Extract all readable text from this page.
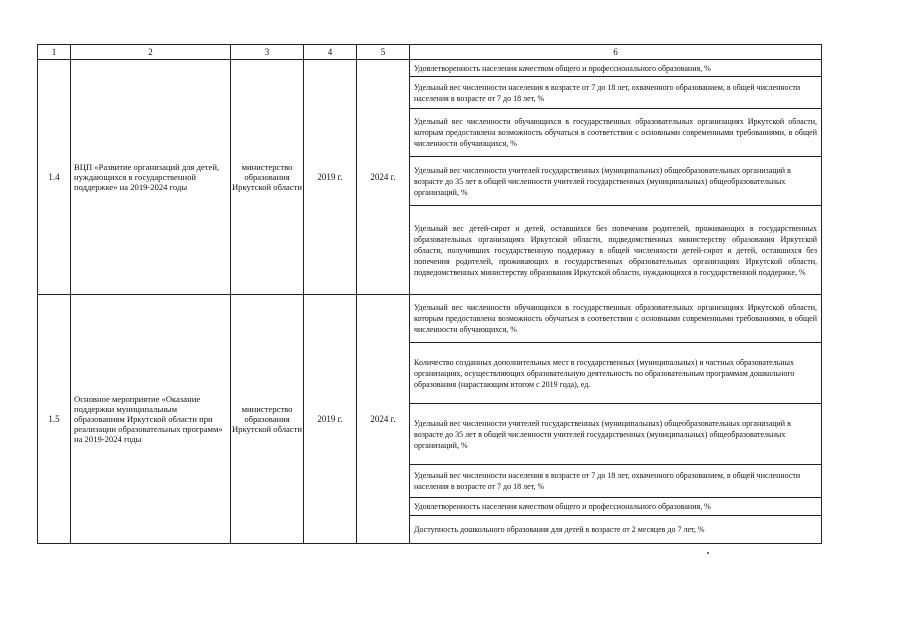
1	2	3	4	5	6
1.4	ВЦП «Развитие организаций для детей, нуждающихся в государственной поддержке» на 2019-2024 годы	министерство образования Иркутской области	2019 г.	2024 г.	Удовлетворенность населения качеством общего и профессионального образования, %
					Удельный вес численности населения в возрасте от 7 до 18 лет, охваченного образованием, в общей численности населения в возрасте от 7 до 18 лет, %
					Удельный вес численности обучающихся в государственных образовательных организациях Иркутской области, которым предоставлена возможность обучаться в соответствии с основными современными требованиями, в общей численности обучающихся, %
					Удельный вес численности учителей государственных (муниципальных) общеобразовательных организаций в возрасте до 35 лет в общей численности учителей государственных (муниципальных) общеобразовательных организаций, %
					Удельный вес детей-сирот и детей, оставшихся без попечения родителей, проживающих в государственных образовательных организациях Иркутской области, подведомственных министерству образования Иркутской области, получивших государственную поддержку в общей численности детей-сирот и детей, оставшихся без попечения родителей, проживающих в государственных образовательных организациях Иркутской области, подведомственных министерству образования Иркутской области, нуждающихся в государственной поддержке, %
1.5	Основное мероприятие «Оказание поддержки муниципальным образованиям Иркутской области при реализации образовательных программ» на 2019-2024 годы	министерство образования Иркутской области	2019 г.	2024 г.	Удельный вес численности обучающихся в государственных образовательных организациях Иркутской области, которым предоставлена возможность обучаться в соответствии с основными современными требованиями, в общей численности обучающихся, %
					Количество созданных дополнительных мест в государственных (муниципальных) и частных образовательных организациях, осуществляющих образовательную деятельность по образовательным программам дошкольного образования (нарастающим итогом с 2019 года), ед.
					Удельный вес численности учителей государственных (муниципальных) общеобразовательных организаций в возрасте до 35 лет в общей численности учителей государственных (муниципальных) общеобразовательных организаций, %
					Удельный вес численности населения в возрасте от 7 до 18 лет, охваченного образованием, в общей численности населения в возрасте от 7 до 18 лет, %
					Удовлетворенность населения качеством общего и профессионального образования, %
					Доступность дошкольного образования для детей в возрасте от 2 месяцев до 7 лет, %
